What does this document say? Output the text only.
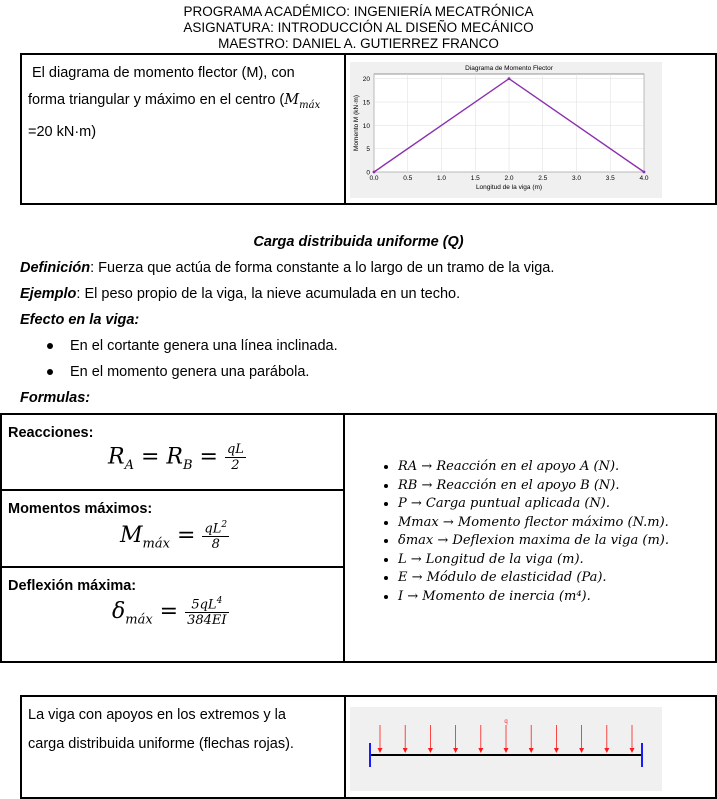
PROGRAMA ACADÉMICO: INGENIERÍA MECATRÓNICA
ASIGNATURA: INTRODUCCIÓN AL DISEÑO MECÁNICO
MAESTRO: DANIEL A. GUTIERREZ FRANCO
El diagrama de momento flector (M), con
forma triangular y máximo en el centro ($M_{máx}$
=20 kN·m)
0.0	0.5	1.0	1.5	2.0	2.5	3.0	3.5	4.0
0
5
10
15
20
Diagrama de Momento Flector
Longitud de la viga (m)
Momento M (kN·m)
Carga distribuida uniforme (Q)
Definición: Fuerza que actúa de forma constante a lo largo de un tramo de la viga.
Ejemplo: El peso propio de la viga, la nieve acumulada en un techo.
Efecto en la viga:
En el cortante genera una línea inclinada.
En el momento genera una parábola.
Formulas:
Reacciones:
$R_A = R_B = \frac{qL}{2}$
Momentos máximos:
$M_{máx} = \frac{qL^2}{8}$
Deflexión máxima:
$\delta_{máx} = \frac{5qL^4}{384EI}$
• RA → Reacción en el apoyo A (N).
• RB → Reacción en el apoyo B (N).
• P → Carga puntual aplicada (N).
• Mmax → Momento flector máximo (N.m).
• δmax → Deflexion maxima de la viga (m).
• L → Longitud de la viga (m).
• E → Módulo de elasticidad (Pa).
• I → Momento de inercia (m⁴).
La viga con apoyos en los extremos y la
carga distribuida uniforme (flechas rojas).
q
